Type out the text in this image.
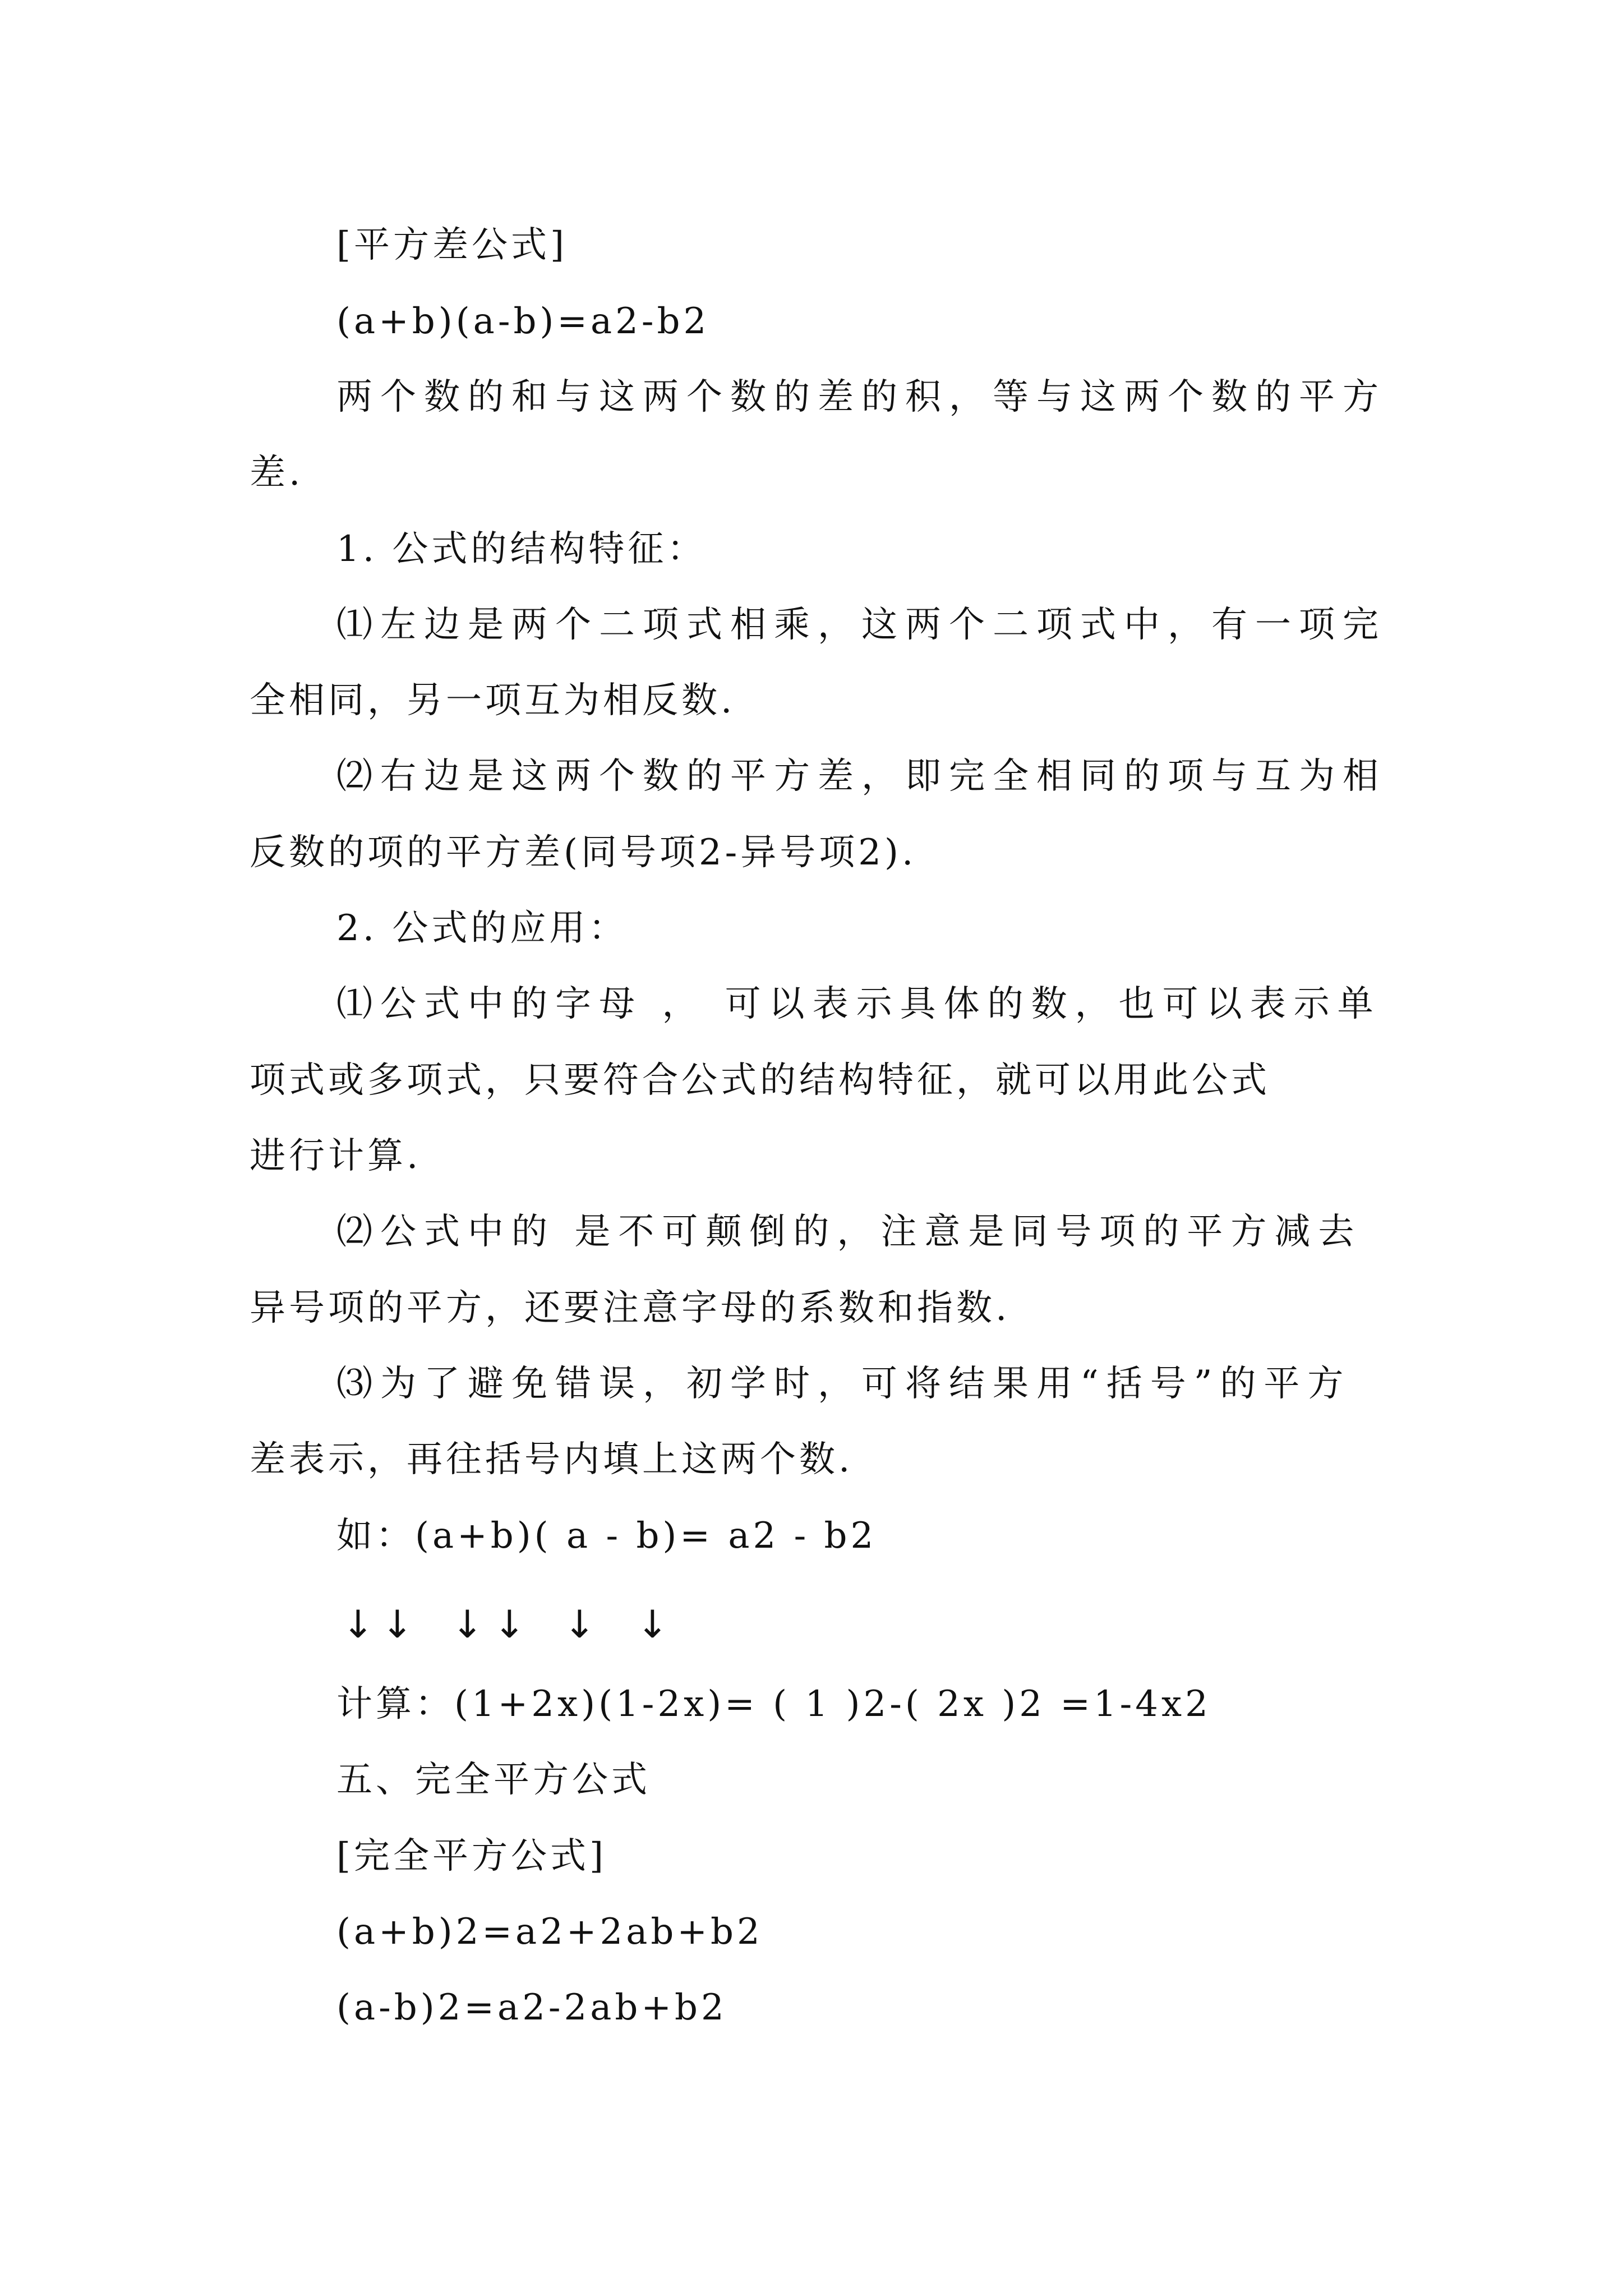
[平方差公式]
(a+b)(a-b)=a2-b2
两个数的和与这两个数的差的积，等与这两个数的平方
差.
1. 公式的结构特征：
⑴左边是两个二项式相乘，这两个二项式中，有一项完
全相同，另一项互为相反数.
⑵右边是这两个数的平方差，即完全相同的项与互为相
反数的项的平方差(同号项2-异号项2).
2. 公式的应用：
⑴公式中的字母 ， 可以表示具体的数，也可以表示单
项式或多项式，只要符合公式的结构特征，就可以用此公式
进行计算.
⑵公式中的 是不可颠倒的，注意是同号项的平方减去
异号项的平方，还要注意字母的系数和指数.
⑶为了避免错误，初学时，可将结果用“括号”的平方
差表示，再往括号内填上这两个数.
如：(a+b)( a - b)= a2 - b2
↓ ↓ ↓ ↓ ↓ ↓
计算：(1+2x)(1-2x)= ( 1 )2-( 2x )2 =1-4x2
五、完全平方公式
[完全平方公式]
(a+b)2=a2+2ab+b2
(a-b)2=a2-2ab+b2
